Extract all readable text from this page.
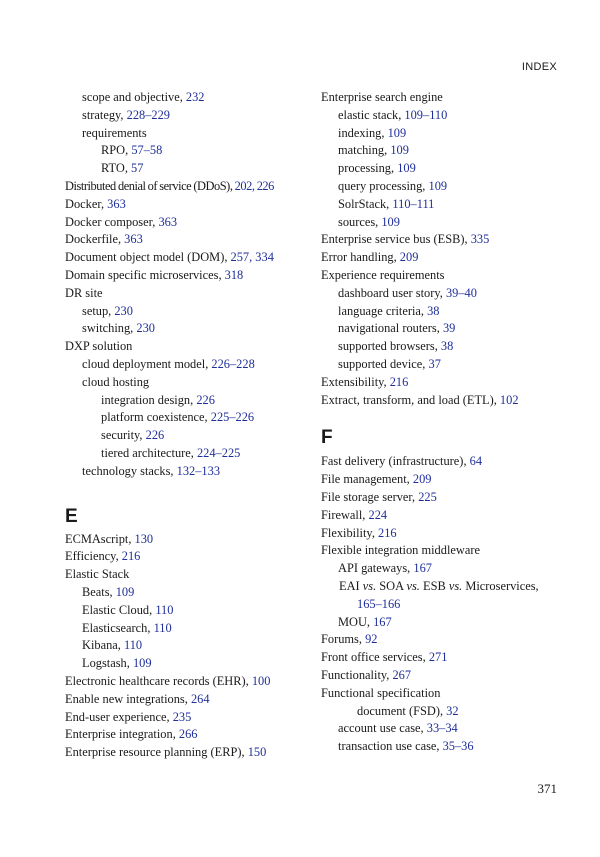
INDEX
scope and objective, 232
strategy, 228–229
requirements
RPO, 57–58
RTO, 57
Distributed denial of service (DDoS), 202, 226
Docker, 363
Docker composer, 363
Dockerfile, 363
Document object model (DOM), 257, 334
Domain specific microservices, 318
DR site
setup, 230
switching, 230
DXP solution
cloud deployment model, 226–228
cloud hosting
integration design, 226
platform coexistence, 225–226
security, 226
tiered architecture, 224–225
technology stacks, 132–133
E
ECMAscript, 130
Efficiency, 216
Elastic Stack
Beats, 109
Elastic Cloud, 110
Elasticsearch, 110
Kibana, 110
Logstash, 109
Electronic healthcare records (EHR), 100
Enable new integrations, 264
End-user experience, 235
Enterprise integration, 266
Enterprise resource planning (ERP), 150
Enterprise search engine
elastic stack, 109–110
indexing, 109
matching, 109
processing, 109
query processing, 109
SolrStack, 110–111
sources, 109
Enterprise service bus (ESB), 335
Error handling, 209
Experience requirements
dashboard user story, 39–40
language criteria, 38
navigational routers, 39
supported browsers, 38
supported device, 37
Extensibility, 216
Extract, transform, and load (ETL), 102
F
Fast delivery (infrastructure), 64
File management, 209
File storage server, 225
Firewall, 224
Flexibility, 216
Flexible integration middleware
API gateways, 167
EAI vs. SOA vs. ESB vs. Microservices, 165–166
MOU, 167
Forums, 92
Front office services, 271
Functionality, 267
Functional specification
document (FSD), 32
account use case, 33–34
transaction use case, 35–36
371
